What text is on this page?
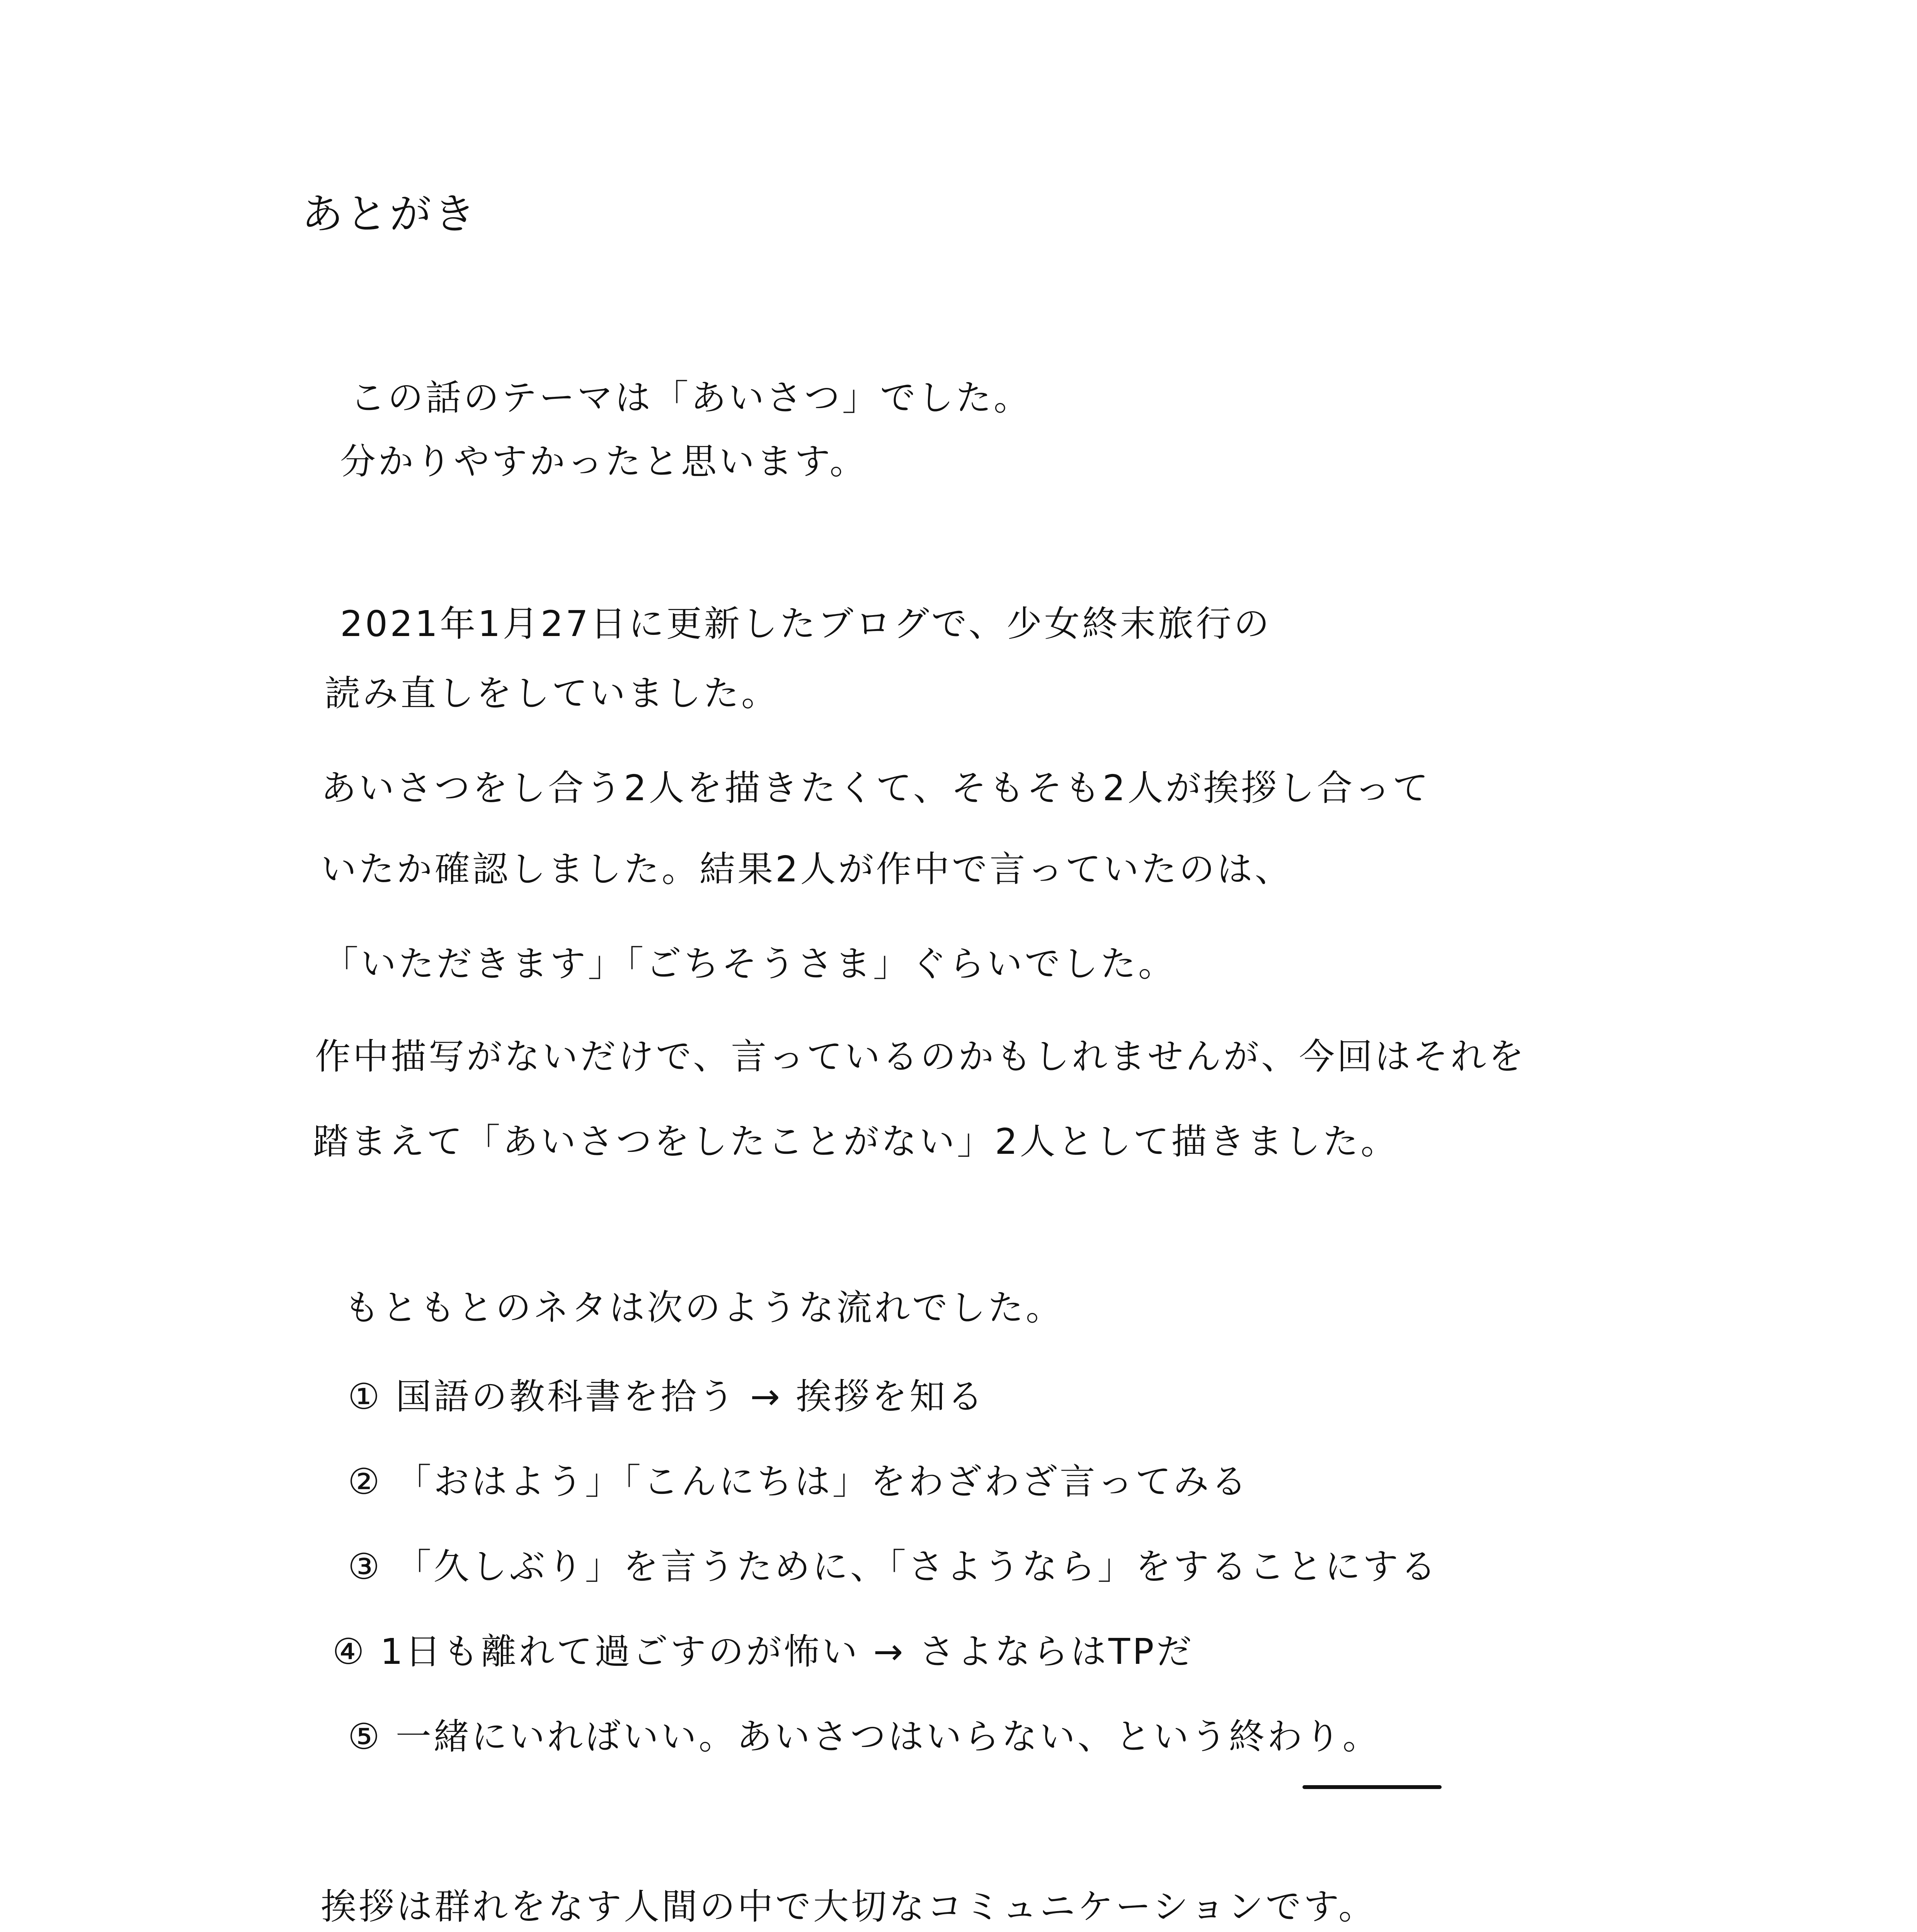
あとがき
この話のテーマは「あいさつ」でした。
分かりやすかったと思います。
2021年1月27日に更新したブログで、少女終末旅行の
読み直しをしていました。
あいさつをし合う2人を描きたくて、そもそも2人が挨拶し合って
いたか確認しました。結果2人が作中で言っていたのは、
「いただきます」「ごちそうさま」ぐらいでした。
作中描写がないだけで、言っているのかもしれませんが、今回はそれを
踏まえて「あいさつをしたことがない」2人として描きました。
もともとのネタは次のような流れでした。
① 国語の教科書を拾う → 挨拶を知る
② 「おはよう」「こんにちは」をわざわざ言ってみる
③ 「久しぶり」を言うために、「さようなら」をすることにする
④ 1日も離れて過ごすのが怖い → さよならはTPだ
⑤ 一緒にいればいい。あいさつはいらない、という終わり。
挨拶は群れをなす人間の中で大切なコミュニケーションです。
